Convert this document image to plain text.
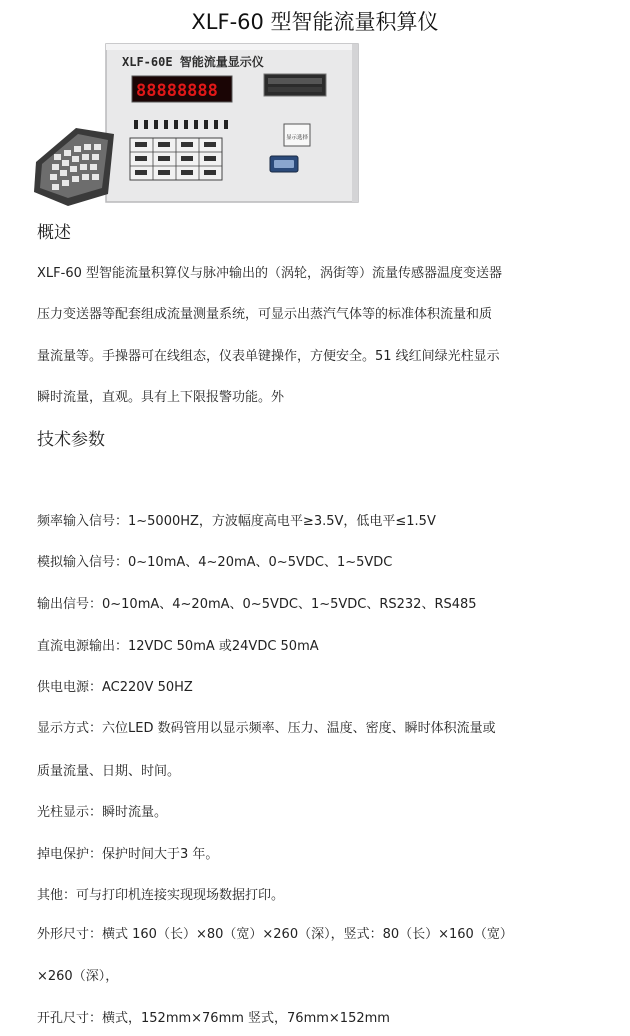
XLF-60 型智能流量积算仪
XLF-60E 智能流量显示仪
88888888
显示选择
概述
XLF-60 型智能流量积算仪与脉冲输出的（涡轮，涡街等）流量传感器温度变送器
压力变送器等配套组成流量测量系统，可显示出蒸汽气体等的标准体积流量和质
量流量等。手操器可在线组态，仪表单键操作，方便安全。51 线红间绿光柱显示
瞬时流量，直观。具有上下限报警功能。外
技术参数
频率输入信号：1~5000HZ，方波幅度高电平≥3.5V，低电平≤1.5V
模拟输入信号：0~10mA、4~20mA、0~5VDC、1~5VDC
输出信号：0~10mA、4~20mA、0~5VDC、1~5VDC、RS232、RS485
直流电源输出：12VDC 50mA 或24VDC 50mA
供电电源：AC220V 50HZ
显示方式：六位LED 数码管用以显示频率、压力、温度、密度、瞬时体积流量或
质量流量、日期、时间。
光柱显示：瞬时流量。
掉电保护：保护时间大于3 年。
其他：可与打印机连接实现现场数据打印。
外形尺寸：横式 160（长）×80（宽）×260（深），竖式：80（长）×160（宽）
×260（深），
开孔尺寸：横式，152mm×76mm 竖式，76mm×152mm
